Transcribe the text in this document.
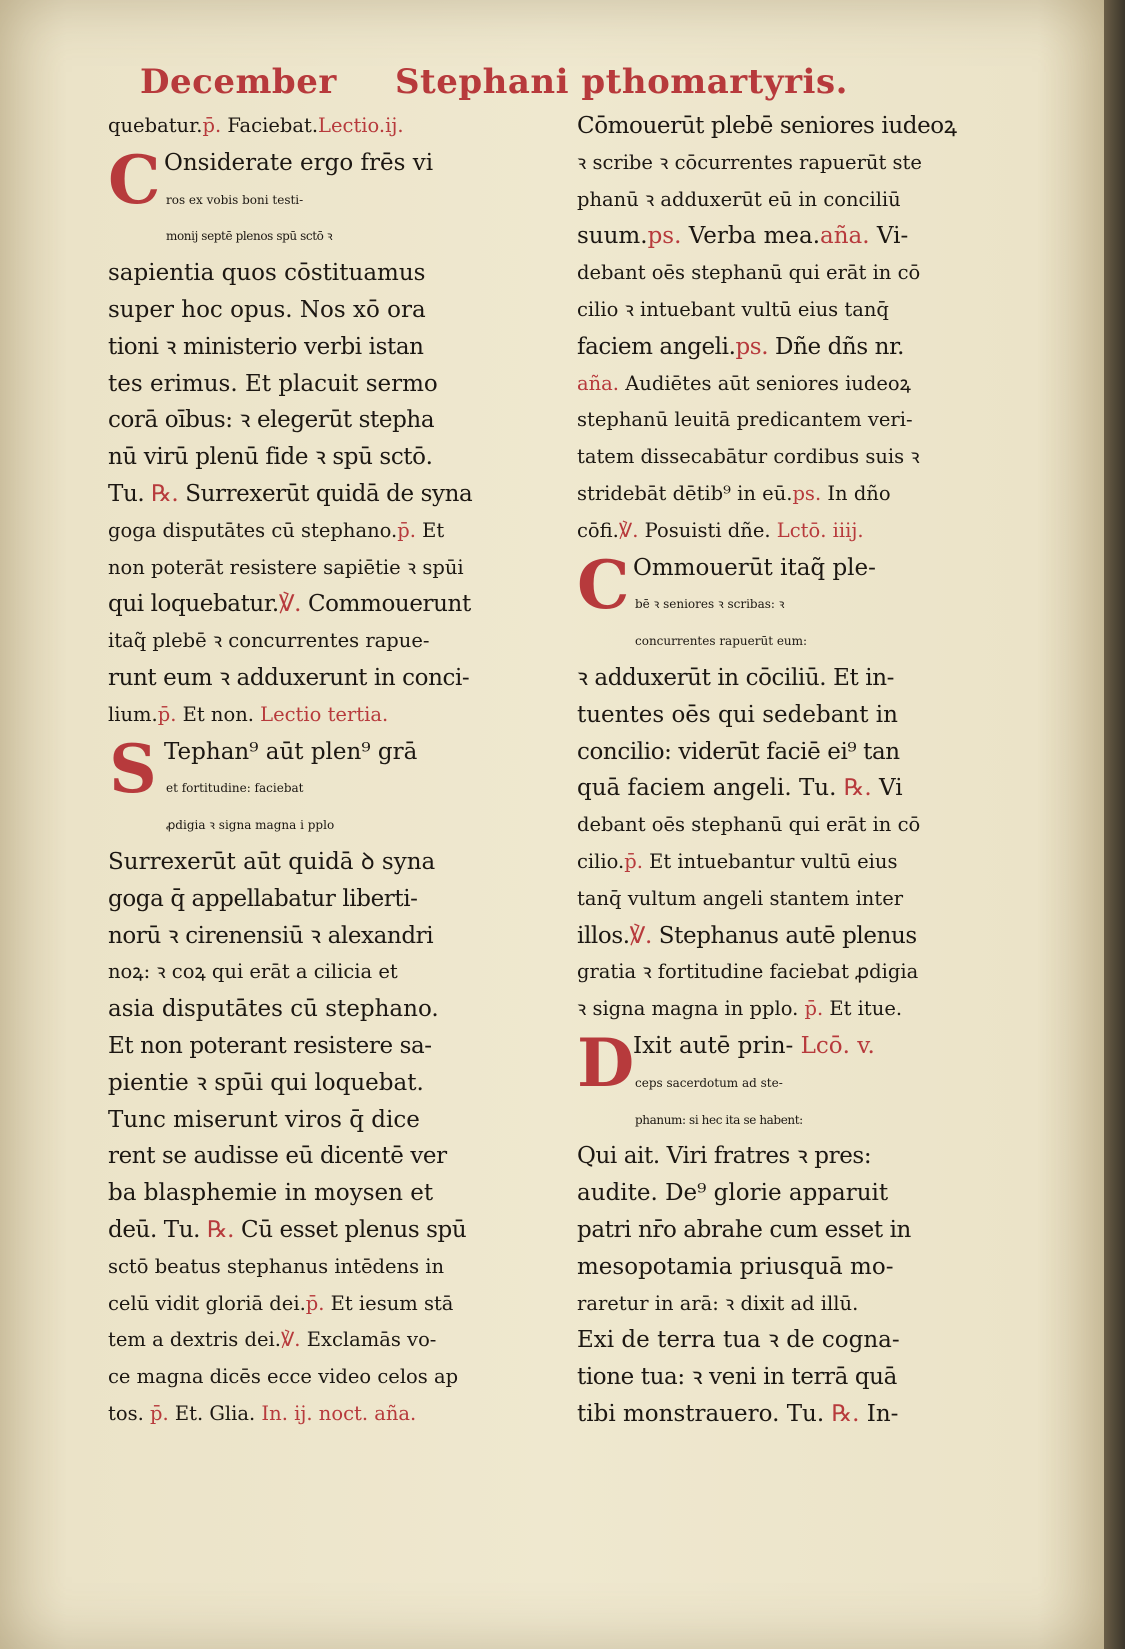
December Stephani pthomartyris.
quebatur.p̄. Faciebat.Lectio.ij.
C Onsiderate ergo frēs vi
ros ex vobis boni testi-
monij septē plenos spū sctō ꝛ
sapientia quos cōstituamus
super hoc opus. Nos xō ora
tioni ꝛ ministerio verbi istan
tes erimus. Et placuit sermo
corā oībus: ꝛ elegerūt stepha
nū virū plenū fide ꝛ spū sctō.
Tu. ℞. Surrexerūt quidā de syna
goga disputātes cū stephano.p̄. Et
non poterāt resistere sapiētie ꝛ spūi
qui loquebatur.℣. Commouerunt
itaq̃ plebē ꝛ concurrentes rapue-
runt eum ꝛ adduxerunt in conci-
lium.p̄. Et non. Lectio tertia.
S Tephan⁹ aūt plen⁹ grā
et fortitudine: faciebat
ꝓdigia ꝛ signa magna i pplo
Surrexerūt aūt quidā ꝺ syna
goga q̄ appellabatur liberti-
norū ꝛ cirenensiū ꝛ alexandri
noꝝ: ꝛ coꝝ qui erāt a cilicia et
asia disputātes cū stephano.
Et non poterant resistere sa-
pientie ꝛ spūi qui loquebat.
Tunc miserunt viros q̄ dice
rent se audisse eū dicentē ver
ba blasphemie in moysen et
deū. Tu. ℞. Cū esset plenus spū
sctō beatus stephanus intēdens in
celū vidit gloriā dei.p̄. Et iesum stā
tem a dextris dei.℣. Exclamās vo-
ce magna dicēs ecce video celos ap
tos. p̄. Et. Glia. In. ij. noct. aña.
Cōmouerūt plebē seniores iudeoꝝ
ꝛ scribe ꝛ cōcurrentes rapuerūt ste
phanū ꝛ adduxerūt eū in conciliū
suum.ps. Verba mea.aña. Vi-
debant oēs stephanū qui erāt in cō
cilio ꝛ intuebant vultū eius tanq̄
faciem angeli.ps. Dñe dñs nr.
aña. Audiētes aūt seniores iudeoꝝ
stephanū leuitā predicantem veri-
tatem dissecabātur cordibus suis ꝛ
stridebāt dētib⁹ in eū.ps. In dño
cōfi.℣. Posuisti dñe. Lctō. iiij.
C Ommouerūt itaq̃ ple-
bē ꝛ seniores ꝛ scribas: ꝛ
concurrentes rapuerūt eum:
ꝛ adduxerūt in cōciliū. Et in-
tuentes oēs qui sedebant in
concilio: viderūt faciē ei⁹ tan
quā faciem angeli. Tu. ℞. Vi
debant oēs stephanū qui erāt in cō
cilio.p̄. Et intuebantur vultū eius
tanq̄ vultum angeli stantem inter
illos.℣. Stephanus autē plenus
gratia ꝛ fortitudine faciebat ꝓdigia
ꝛ signa magna in pplo. p̄. Et itue.
D
Ixit autē prin- Lcō. v.
ceps sacerdotum ad ste-
phanum: si hec ita se habent:
Qui ait. Viri fratres ꝛ pres:
audite. De⁹ glorie apparuit
patri nr̄o abrahe cum esset in
mesopotamia priusquā mo-
raretur in arā: ꝛ dixit ad illū.
Exi de terra tua ꝛ de cogna-
tione tua: ꝛ veni in terrā quā
tibi monstrauero. Tu. ℞. In-
